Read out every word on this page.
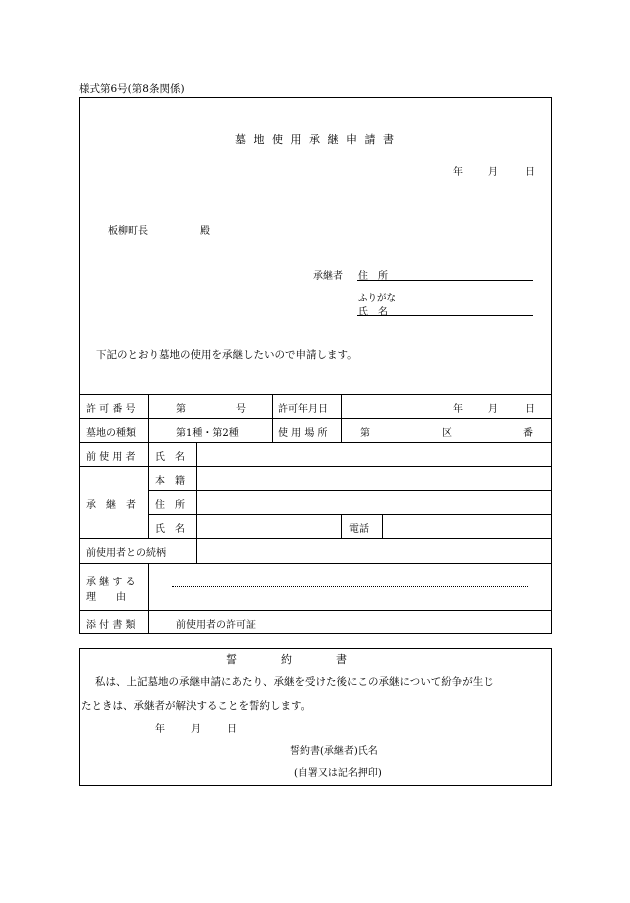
様式第6号(第8条関係)
墓 地 使 用 承 継 申 請 書
年	月	日
板柳町長	殿
承継者 住　所
ふりがな
氏　名
下記のとおり墓地の使用を承継したいので申請します。
許 可 番 号	第	号	許可年月日	年	月	日
墓地の種類	第1種・第2種	使 用 場 所	第	区	番
前 使 用 者 氏　名
承　継　者
本　籍
住　所
氏　名	電話
前使用者との続柄
承 継 す る
理　　由
添 付 書 類	前使用者の許可証
誓　　　　約　　　　書
私は、上記墓地の承継申請にあたり、承継を受けた後にこの承継について紛争が生じ
たときは、承継者が解決することを誓約します。
年	月	日
誓約書(承継者)氏名
(自署又は記名押印)
